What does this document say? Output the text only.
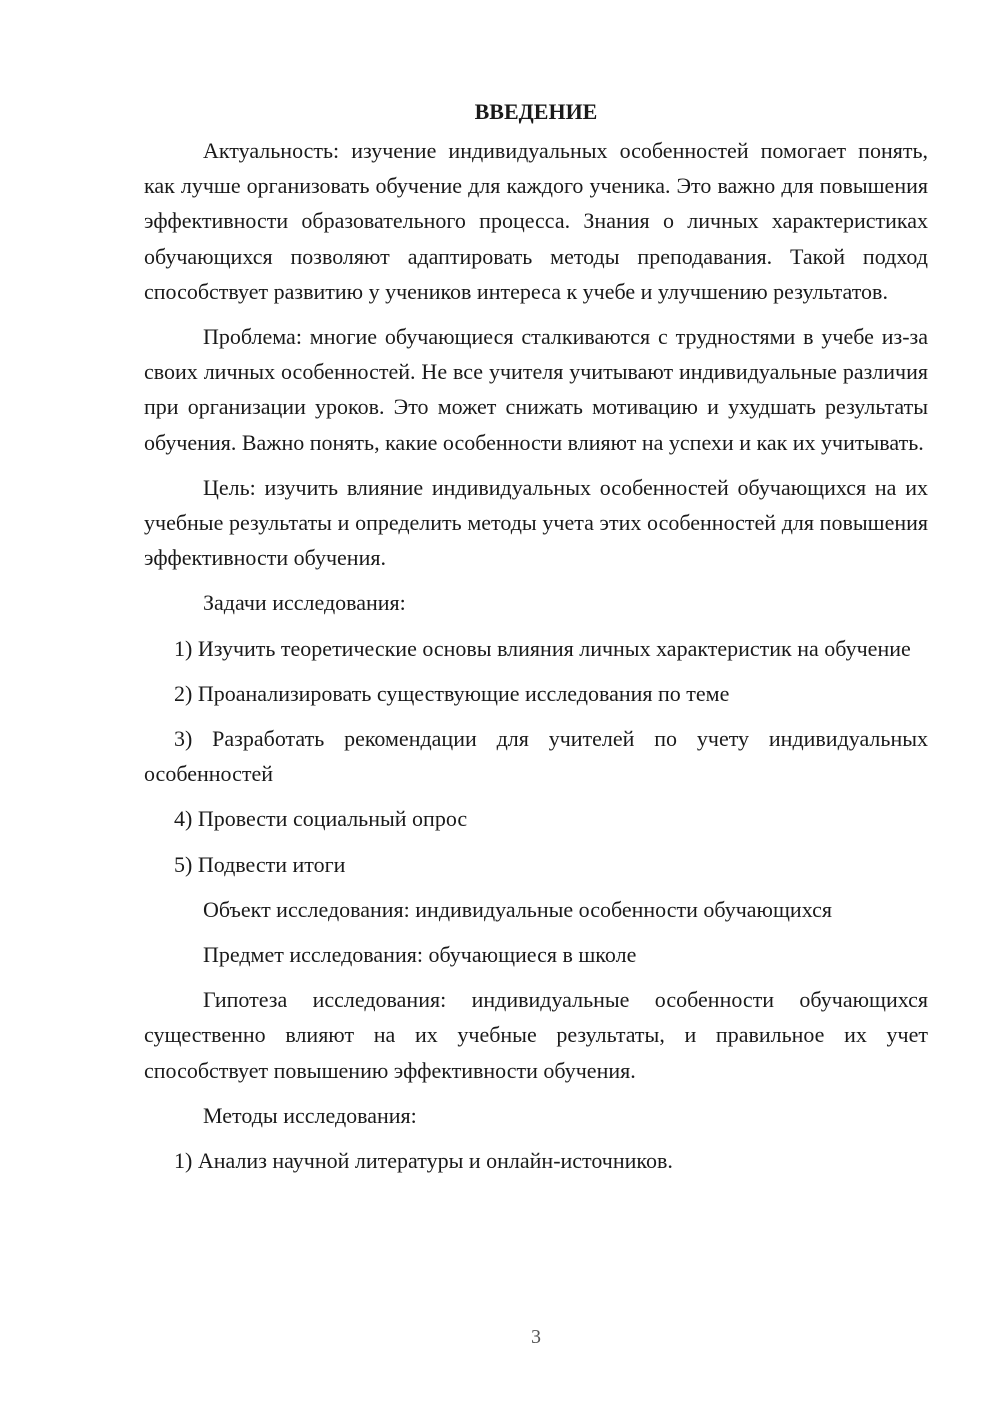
ВВЕДЕНИЕ

Актуальность: изучение индивидуальных особенностей помогает понять, как лучше организовать обучение для каждого ученика. Это важно для повышения эффективности образовательного процесса. Знания о личных характеристиках обучающихся позволяют адаптировать методы преподавания. Такой подход способствует развитию у учеников интереса к учебе и улучшению результатов.

Проблема: многие обучающиеся сталкиваются с трудностями в учебе из-за своих личных особенностей. Не все учителя учитывают индивидуальные различия при организации уроков. Это может снижать мотивацию и ухудшать результаты обучения. Важно понять, какие особенности влияют на успехи и как их учитывать.

Цель: изучить влияние индивидуальных особенностей обучающихся на их учебные результаты и определить методы учета этих особенностей для повышения эффективности обучения.

Задачи исследования:

1) Изучить теоретические основы влияния личных характеристик на обучение

2) Проанализировать существующие исследования по теме

3) Разработать рекомендации для учителей по учету индивидуальных особенностей

4) Провести социальный опрос

5) Подвести итоги

Объект исследования: индивидуальные особенности обучающихся

Предмет исследования: обучающиеся в школе

Гипотеза исследования: индивидуальные особенности обучающихся существенно влияют на их учебные результаты, и правильное их учет способствует повышению эффективности обучения.

Методы исследования:

1) Анализ научной литературы и онлайн-источников.

3
